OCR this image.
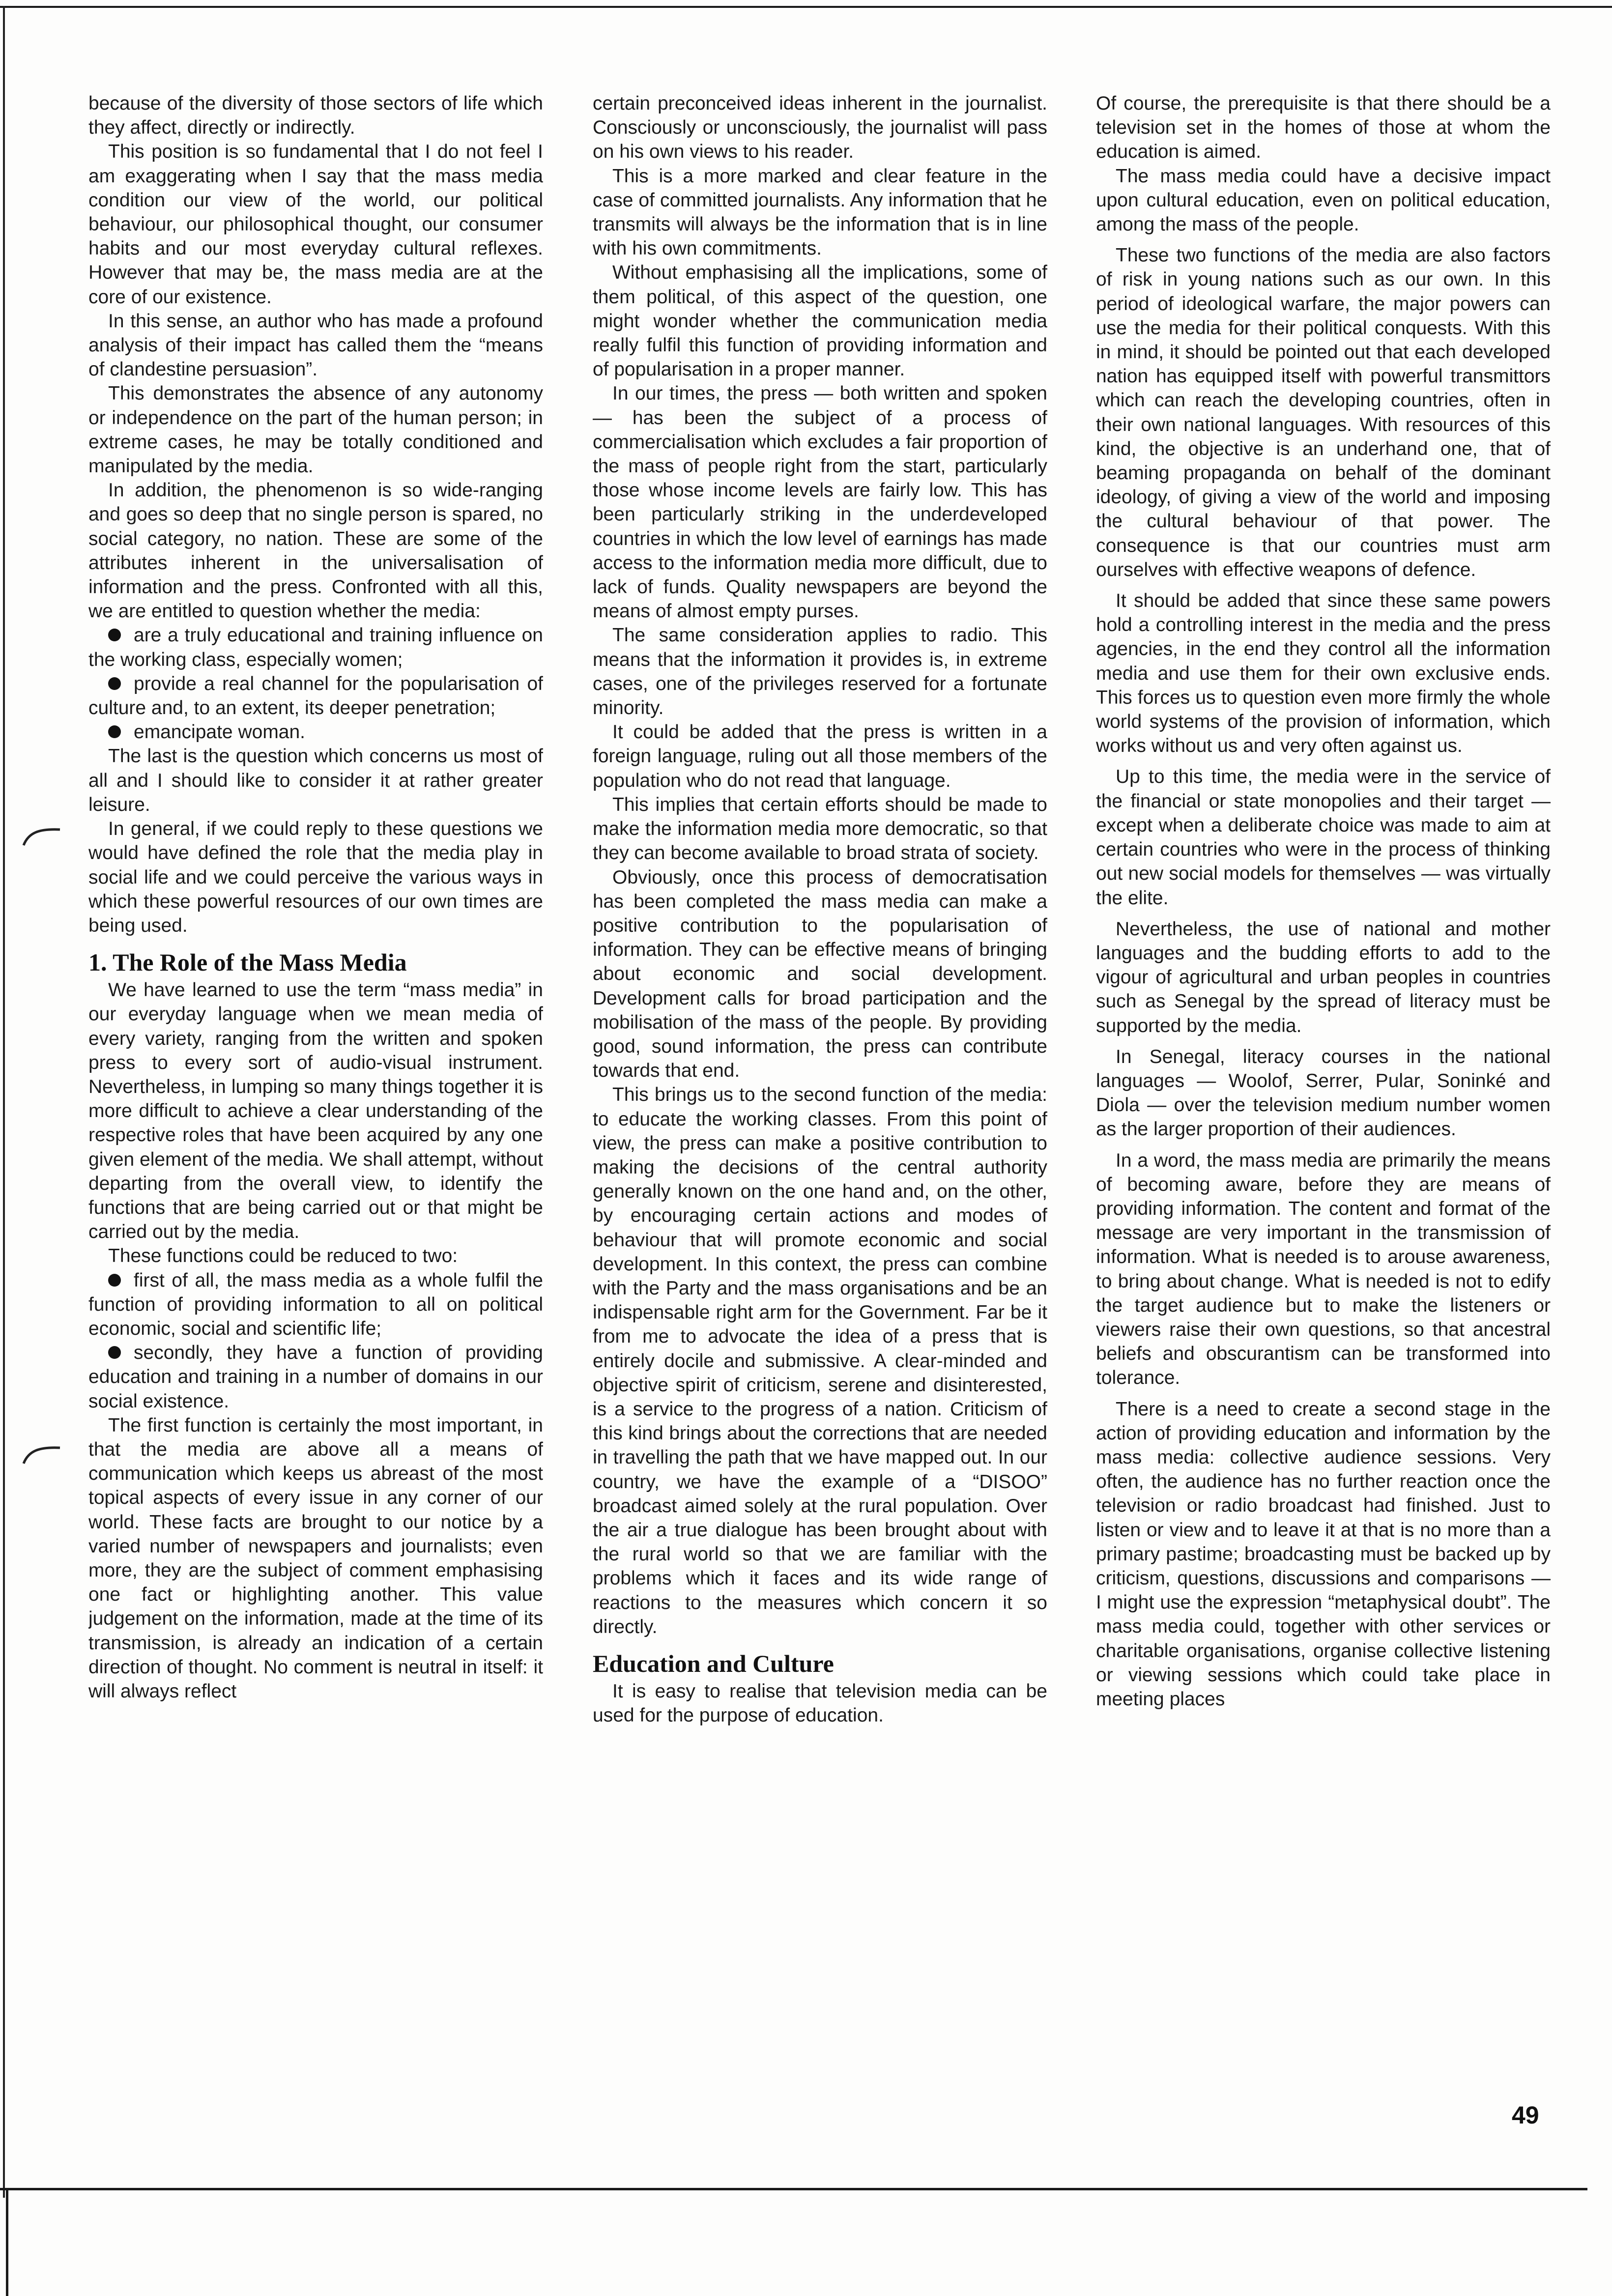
because of the diversity of those sectors of life which they affect, directly or indirectly.

This position is so fundamental that I do not feel I am exaggerating when I say that the mass media condition our view of the world, our political behaviour, our philosophical thought, our consumer habits and our most everyday cultural reflexes. However that may be, the mass media are at the core of our existence.

In this sense, an author who has made a profound analysis of their impact has called them the “means of clandestine persuasion”.

This demonstrates the absence of any autonomy or independence on the part of the human person; in extreme cases, he may be totally conditioned and manipulated by the media.

In addition, the phenomenon is so wide-ranging and goes so deep that no single person is spared, no social category, no nation. These are some of the attributes inherent in the universalisation of information and the press. Confronted with all this, we are entitled to question whether the media:

are a truly educational and training influence on the working class, especially women;

provide a real channel for the popularisation of culture and, to an extent, its deeper penetration;

emancipate woman.

The last is the question which concerns us most of all and I should like to consider it at rather greater leisure.

In general, if we could reply to these questions we would have defined the role that the media play in social life and we could perceive the various ways in which these powerful resources of our own times are being used.

1. The Role of the Mass Media

We have learned to use the term “mass media” in our everyday language when we mean media of every variety, ranging from the written and spoken press to every sort of audio-visual instrument. Nevertheless, in lumping so many things together it is more difficult to achieve a clear understanding of the respective roles that have been acquired by any one given element of the media. We shall attempt, without departing from the overall view, to identify the functions that are being carried out or that might be carried out by the media.

These functions could be reduced to two:

first of all, the mass media as a whole fulfil the function of providing information to all on political economic, social and scientific life;

secondly, they have a function of providing education and training in a number of domains in our social existence.

The first function is certainly the most important, in that the media are above all a means of communication which keeps us abreast of the most topical aspects of every issue in any corner of our world. These facts are brought to our notice by a varied number of newspapers and journalists; even more, they are the subject of comment emphasising one fact or highlighting another. This value judgement on the information, made at the time of its transmission, is already an indication of a certain direction of thought. No comment is neutral in itself: it will always reflect

certain preconceived ideas inherent in the journalist. Consciously or unconsciously, the journalist will pass on his own views to his reader.

This is a more marked and clear feature in the case of committed journalists. Any information that he transmits will always be the information that is in line with his own commitments.

Without emphasising all the implications, some of them political, of this aspect of the question, one might wonder whether the communication media really fulfil this function of providing information and of popularisation in a proper manner.

In our times, the press — both written and spoken — has been the subject of a process of commercialisation which excludes a fair proportion of the mass of people right from the start, particularly those whose income levels are fairly low. This has been particularly striking in the underdeveloped countries in which the low level of earnings has made access to the information media more difficult, due to lack of funds. Quality newspapers are beyond the means of almost empty purses.

The same consideration applies to radio. This means that the information it provides is, in extreme cases, one of the privileges reserved for a fortunate minority.

It could be added that the press is written in a foreign language, ruling out all those members of the population who do not read that language.

This implies that certain efforts should be made to make the information media more democratic, so that they can become available to broad strata of society.

Obviously, once this process of democratisation has been completed the mass media can make a positive contribution to the popularisation of information. They can be effective means of bringing about economic and social development. Development calls for broad participation and the mobilisation of the mass of the people. By providing good, sound information, the press can contribute towards that end.

This brings us to the second function of the media: to educate the working classes. From this point of view, the press can make a positive contribution to making the decisions of the central authority generally known on the one hand and, on the other, by encouraging certain actions and modes of behaviour that will promote economic and social development. In this context, the press can combine with the Party and the mass organisations and be an indispensable right arm for the Government. Far be it from me to advocate the idea of a press that is entirely docile and submissive. A clear-minded and objective spirit of criticism, serene and disinterested, is a service to the progress of a nation. Criticism of this kind brings about the corrections that are needed in travelling the path that we have mapped out. In our country, we have the example of a “DISOO” broadcast aimed solely at the rural population. Over the air a true dialogue has been brought about with the rural world so that we are familiar with the problems which it faces and its wide range of reactions to the measures which concern it so directly.

Education and Culture

It is easy to realise that television media can be used for the purpose of education.

Of course, the prerequisite is that there should be a television set in the homes of those at whom the education is aimed.

The mass media could have a decisive impact upon cultural education, even on political education, among the mass of the people.

These two functions of the media are also factors of risk in young nations such as our own. In this period of ideological warfare, the major powers can use the media for their political conquests. With this in mind, it should be pointed out that each developed nation has equipped itself with powerful transmittors which can reach the developing countries, often in their own national languages. With resources of this kind, the objective is an underhand one, that of beaming propaganda on behalf of the dominant ideology, of giving a view of the world and imposing the cultural behaviour of that power. The consequence is that our countries must arm ourselves with effective weapons of defence.

It should be added that since these same powers hold a controlling interest in the media and the press agencies, in the end they control all the information media and use them for their own exclusive ends. This forces us to question even more firmly the whole world systems of the provision of information, which works without us and very often against us.

Up to this time, the media were in the service of the financial or state monopolies and their target — except when a deliberate choice was made to aim at certain countries who were in the process of thinking out new social models for themselves — was virtually the elite.

Nevertheless, the use of national and mother languages and the budding efforts to add to the vigour of agricultural and urban peoples in countries such as Senegal by the spread of literacy must be supported by the media.

In Senegal, literacy courses in the national languages — Woolof, Serrer, Pular, Soninké and Diola — over the television medium number women as the larger proportion of their audiences.

In a word, the mass media are primarily the means of becoming aware, before they are means of providing information. The content and format of the message are very important in the transmission of information. What is needed is to arouse awareness, to bring about change. What is needed is not to edify the target audience but to make the listeners or viewers raise their own questions, so that ancestral beliefs and obscurantism can be transformed into tolerance.

There is a need to create a second stage in the action of providing education and information by the mass media: collective audience sessions. Very often, the audience has no further reaction once the television or radio broadcast had finished. Just to listen or view and to leave it at that is no more than a primary pastime; broadcasting must be backed up by criticism, questions, discussions and comparisons — I might use the expression “metaphysical doubt”. The mass media could, together with other services or charitable organisations, organise collective listening or viewing sessions which could take place in meeting places

49
